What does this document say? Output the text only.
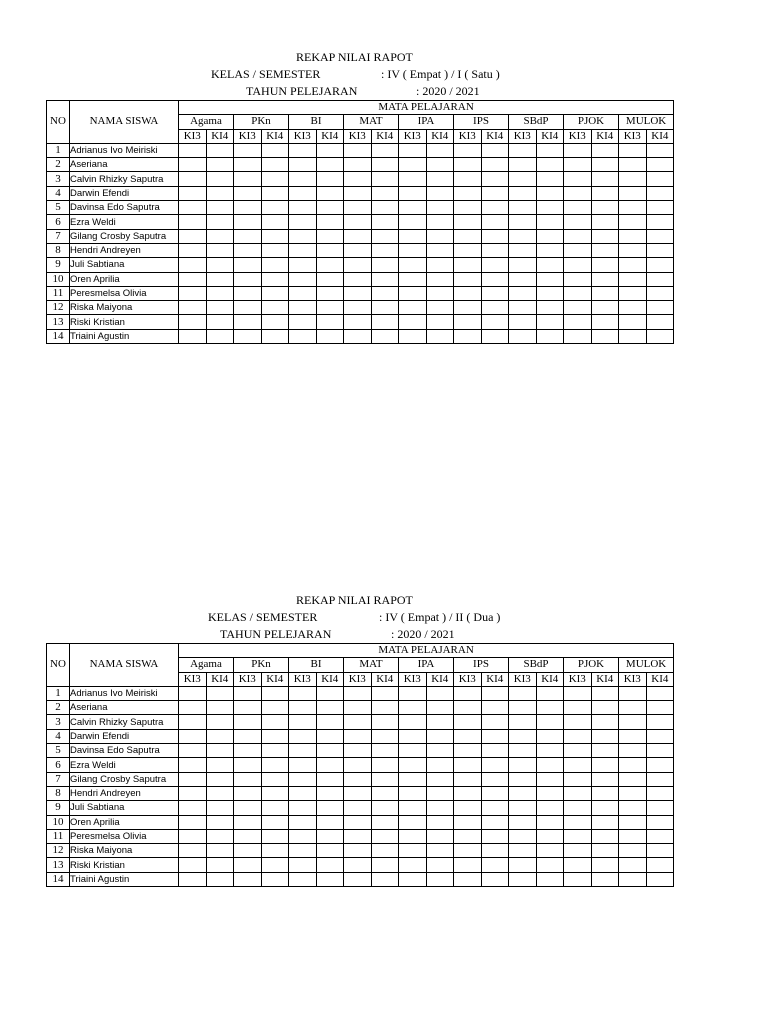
REKAP NILAI RAPOT
KELAS / SEMESTER	: IV ( Empat ) / I ( Satu )
TAHUN PELEJARAN	: 2020 / 2021
NO	NAMA SISWA	MATA PELAJARAN																	
		Agama		PKn		BI		MAT		IPA		IPS		SBdP		PJOK		MULOK	
		KI3	KI4	KI3	KI4	KI3	KI4	KI3	KI4	KI3	KI4	KI3	KI4	KI3	KI4	KI3	KI4	KI3	KI4
1	Adrianus Ivo Meiriski																		
2	Aseriana																		
3	Calvin Rhizky Saputra																		
4	Darwin Efendi																		
5	Davinsa Edo Saputra																		
6	Ezra Weldi																		
7	Gilang Crosby Saputra																		
8	Hendri Andreyen																		
9	Juli Sabtiana																		
10	Oren Aprilia																		
11	Peresmelsa Olivia																		
12	Riska Maiyona																		
13	Riski Kristian																		
14	Triaini Agustin																		
REKAP NILAI RAPOT
KELAS / SEMESTER	: IV ( Empat ) / II ( Dua )
TAHUN PELEJARAN	: 2020 / 2021
NO	NAMA SISWA	MATA PELAJARAN																	
		Agama		PKn		BI		MAT		IPA		IPS		SBdP		PJOK		MULOK	
		KI3	KI4	KI3	KI4	KI3	KI4	KI3	KI4	KI3	KI4	KI3	KI4	KI3	KI4	KI3	KI4	KI3	KI4
1	Adrianus Ivo Meiriski																		
2	Aseriana																		
3	Calvin Rhizky Saputra																		
4	Darwin Efendi																		
5	Davinsa Edo Saputra																		
6	Ezra Weldi																		
7	Gilang Crosby Saputra																		
8	Hendri Andreyen																		
9	Juli Sabtiana																		
10	Oren Aprilia																		
11	Peresmelsa Olivia																		
12	Riska Maiyona																		
13	Riski Kristian																		
14	Triaini Agustin																		
